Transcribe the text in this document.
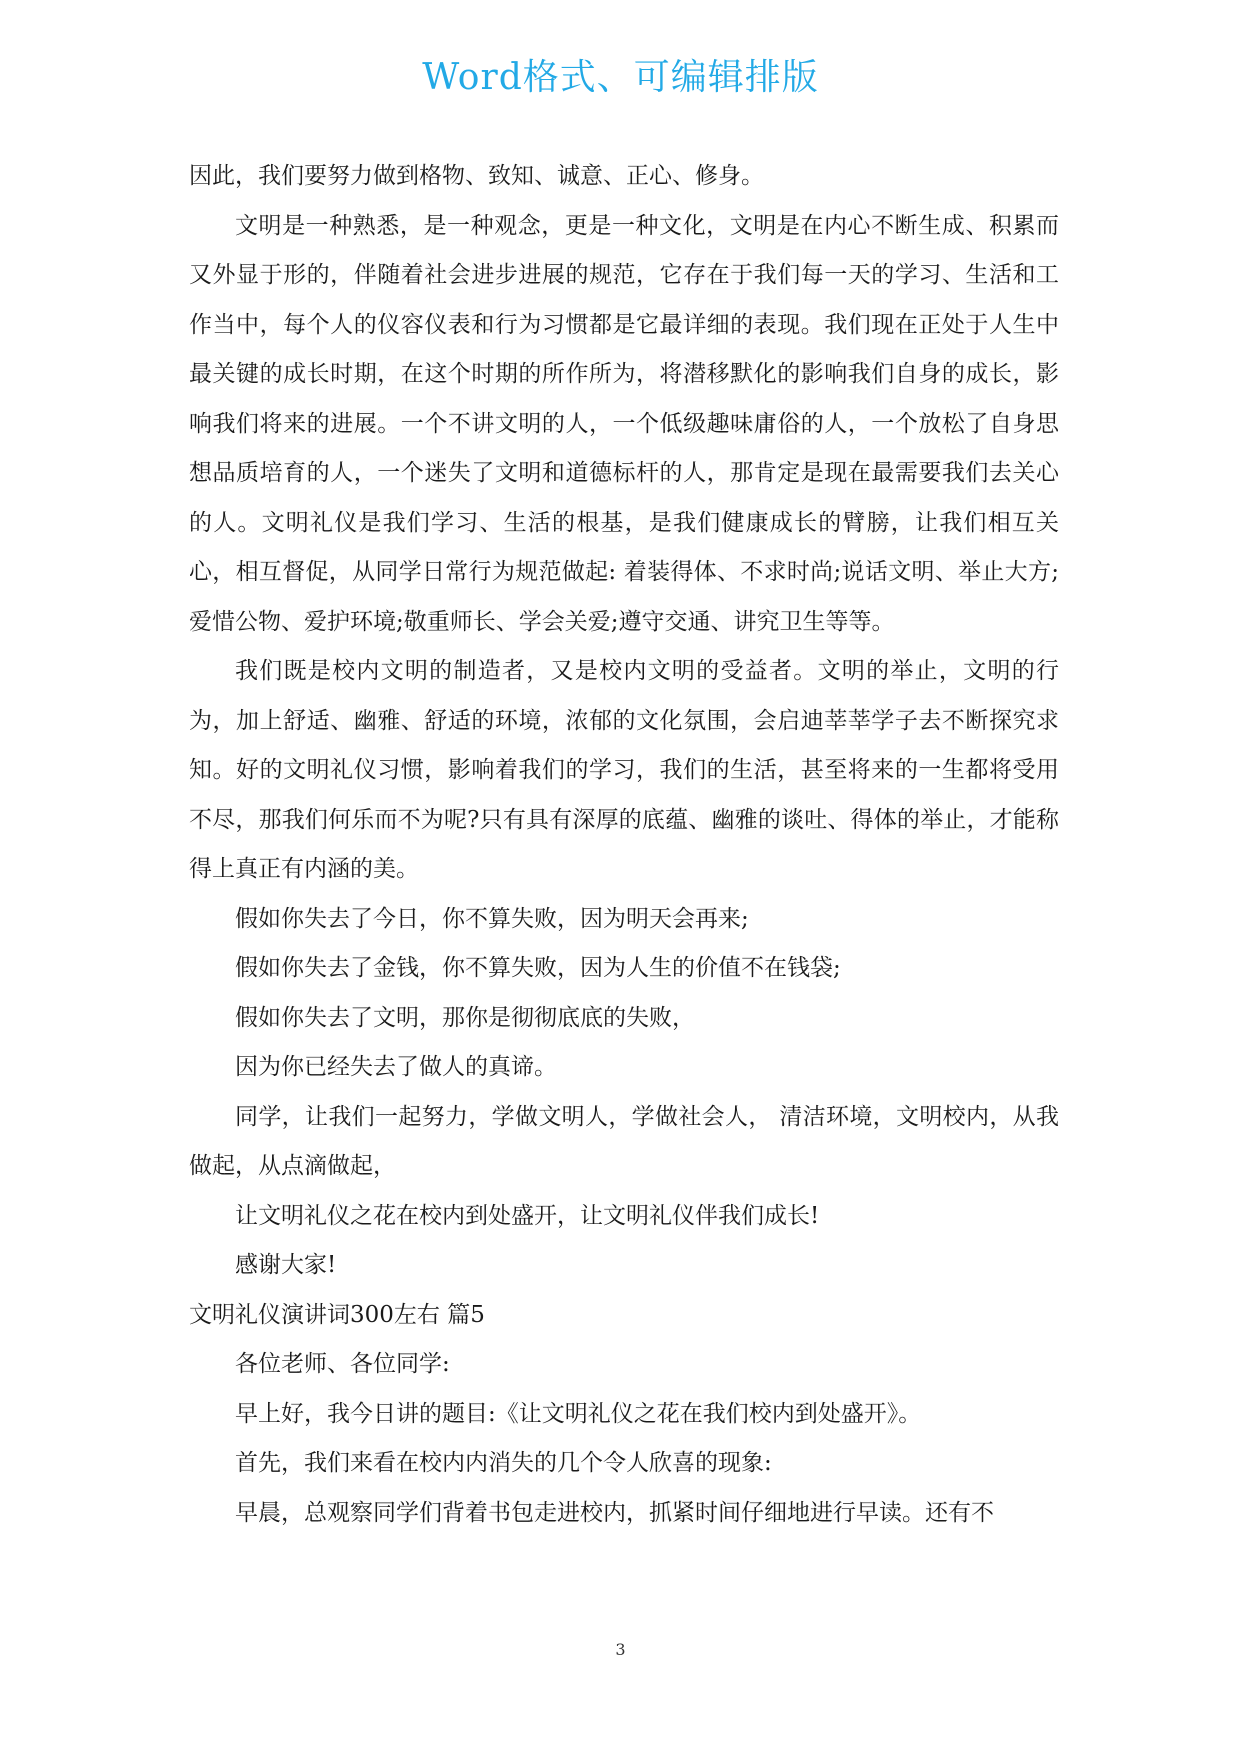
Word格式、可编辑排版

因此，我们要努力做到格物、致知、诚意、正心、修身。

文明是一种熟悉，是一种观念，更是一种文化，文明是在内心不断生成、积累而又外显于形的，伴随着社会进步进展的规范，它存在于我们每一天的学习、生活和工作当中，每个人的仪容仪表和行为习惯都是它最详细的表现。我们现在正处于人生中最关键的成长时期，在这个时期的所作所为，将潜移默化的影响我们自身的成长，影响我们将来的进展。一个不讲文明的人，一个低级趣味庸俗的人，一个放松了自身思想品质培育的人，一个迷失了文明和道德标杆的人，那肯定是现在最需要我们去关心的人。文明礼仪是我们学习、生活的根基，是我们健康成长的臂膀，让我们相互关心，相互督促，从同学日常行为规范做起: 着装得体、不求时尚;说话文明、举止大方;爱惜公物、爱护环境;敬重师长、学会关爱;遵守交通、讲究卫生等等。

我们既是校内文明的制造者，又是校内文明的受益者。文明的举止，文明的行为，加上舒适、幽雅、舒适的环境，浓郁的文化氛围，会启迪莘莘学子去不断探究求知。好的文明礼仪习惯，影响着我们的学习，我们的生活，甚至将来的一生都将受用不尽，那我们何乐而不为呢?只有具有深厚的底蕴、幽雅的谈吐、得体的举止，才能称得上真正有内涵的美。

假如你失去了今日，你不算失败，因为明天会再来;

假如你失去了金钱，你不算失败，因为人生的价值不在钱袋;

假如你失去了文明，那你是彻彻底底的失败，

因为你已经失去了做人的真谛。

同学，让我们一起努力，学做文明人，学做社会人， 清洁环境，文明校内，从我做起，从点滴做起，

让文明礼仪之花在校内到处盛开，让文明礼仪伴我们成长!

感谢大家!

文明礼仪演讲词300左右 篇5

各位老师、各位同学:

早上好，我今日讲的题目:《让文明礼仪之花在我们校内到处盛开》。

首先，我们来看在校内内消失的几个令人欣喜的现象:

早晨，总观察同学们背着书包走进校内，抓紧时间仔细地进行早读。还有不

3
